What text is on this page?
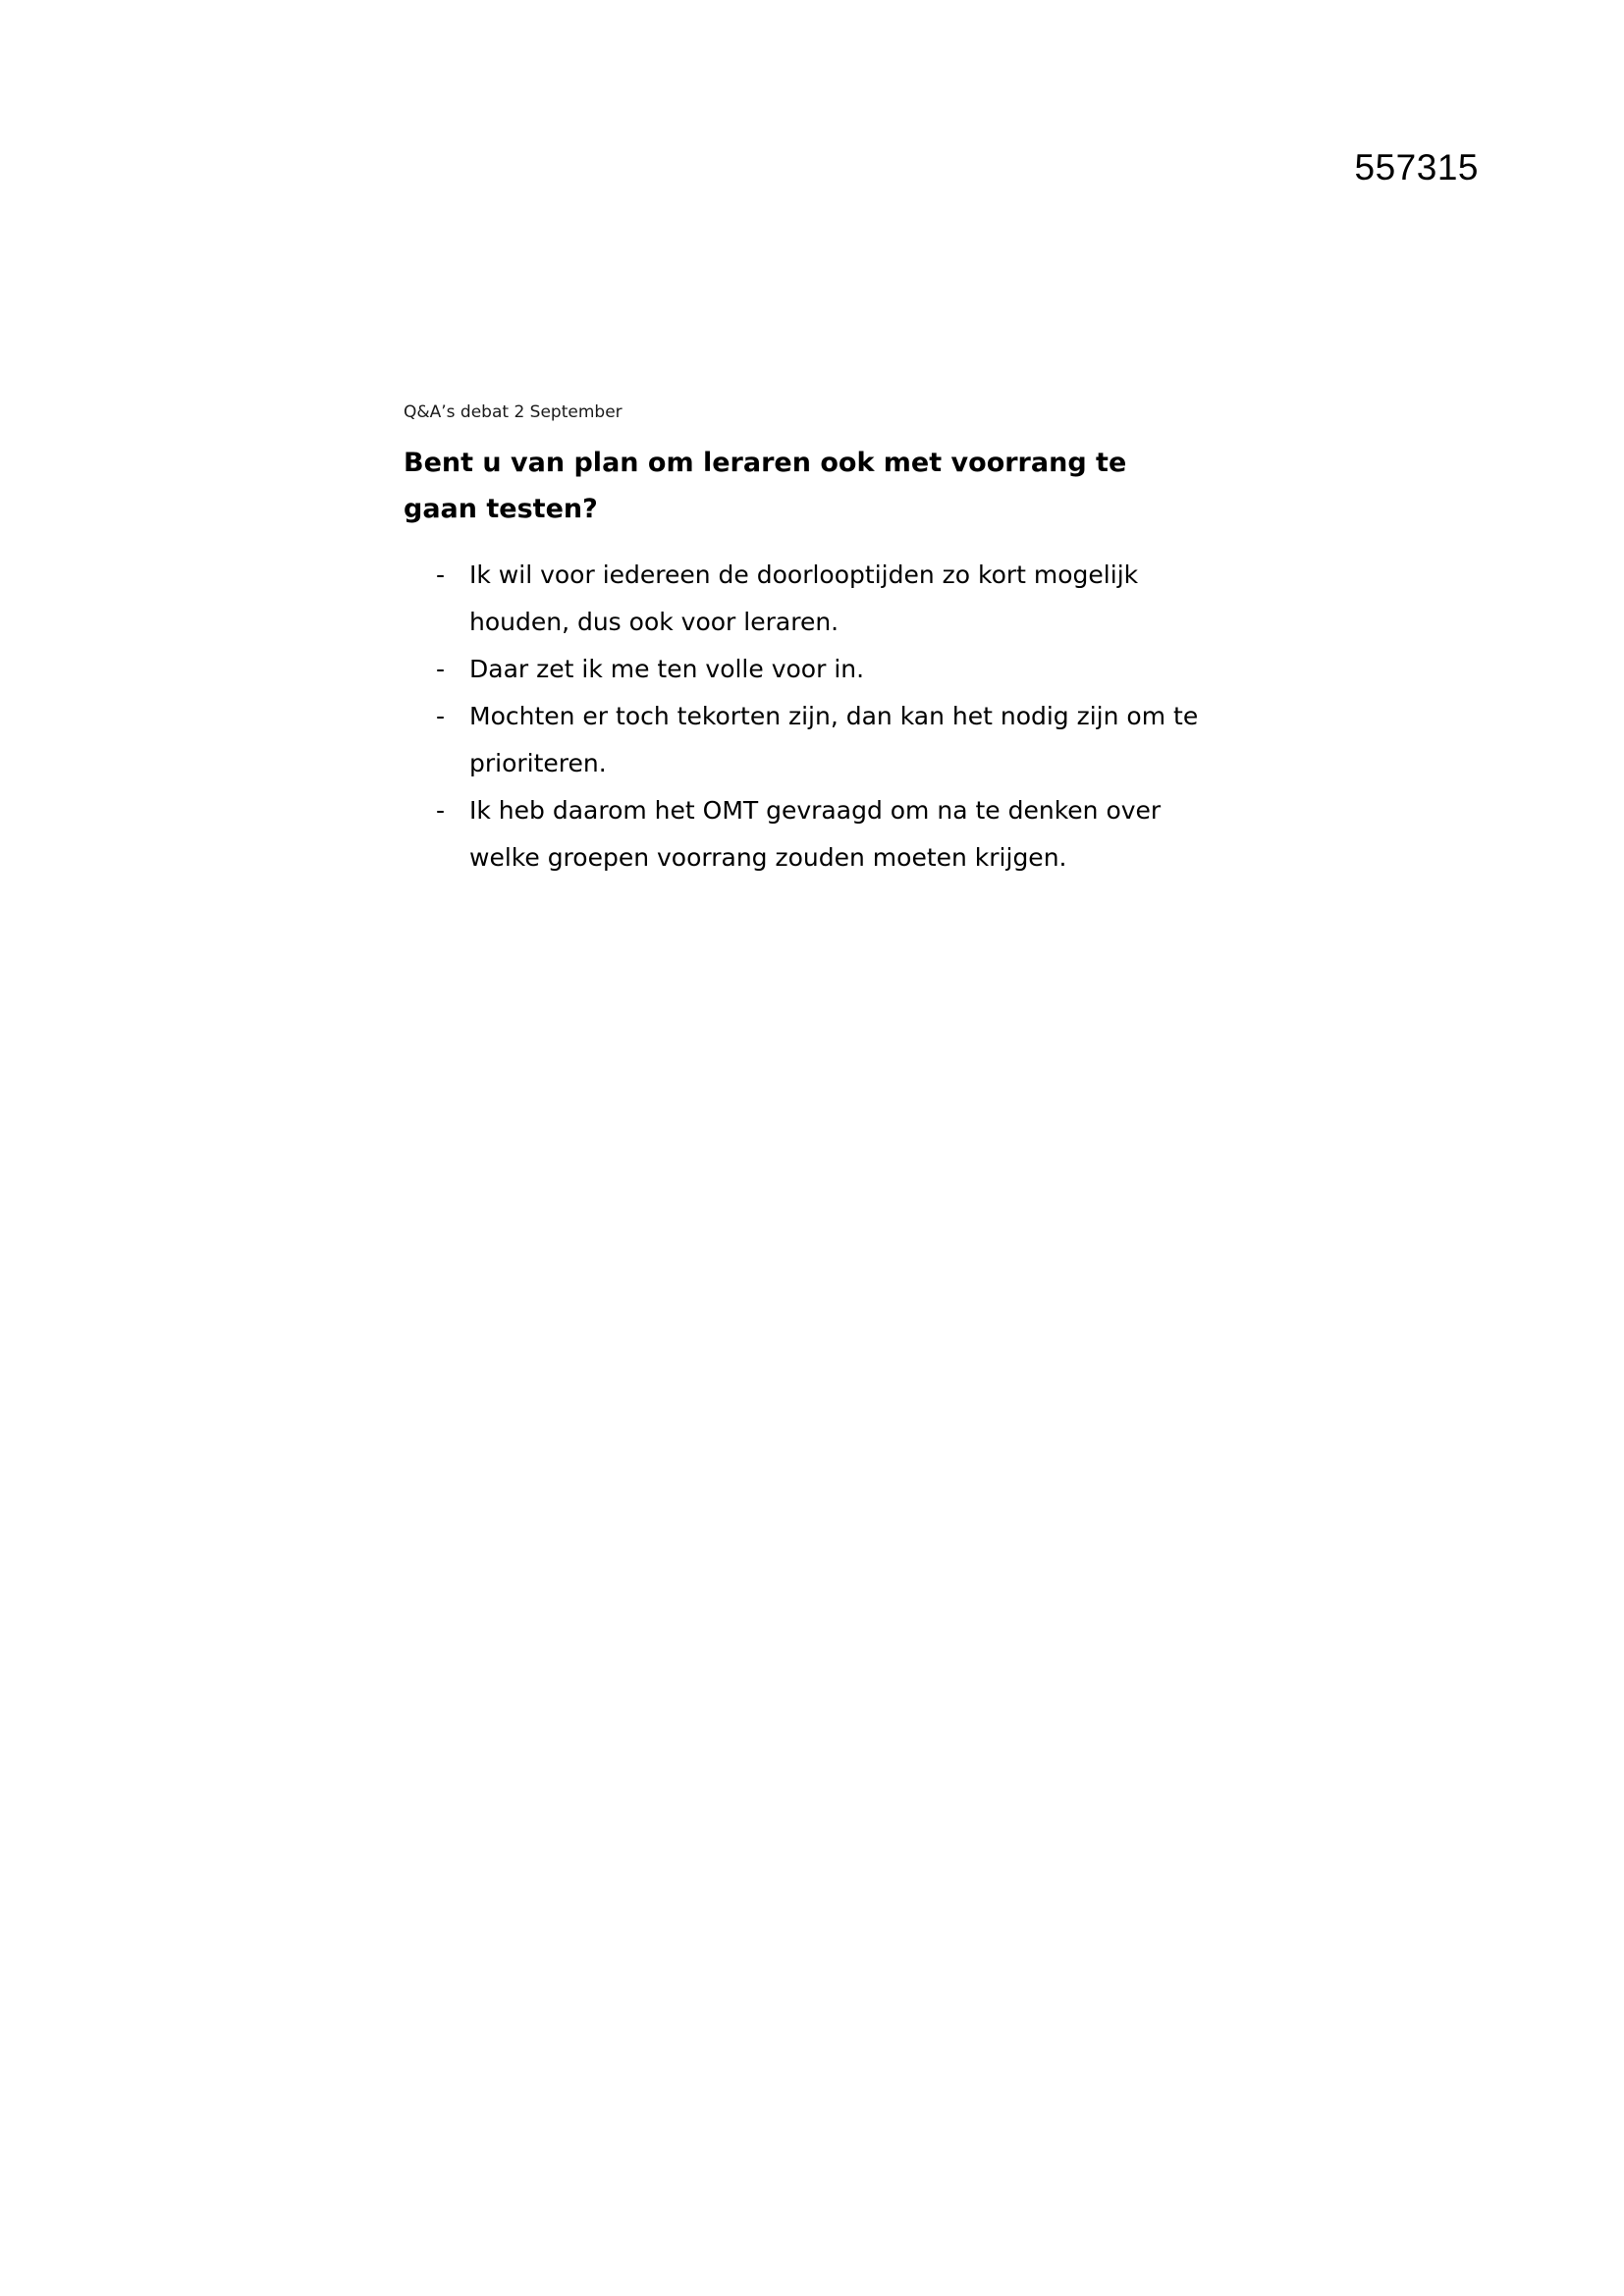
557315
Q&A’s debat 2 September
Bent u van plan om leraren ook met voorrang te gaan testen?
- Ik wil voor iedereen de doorlooptijden zo kort mogelijk houden, dus ook voor leraren.
- Daar zet ik me ten volle voor in.
- Mochten er toch tekorten zijn, dan kan het nodig zijn om te prioriteren.
- Ik heb daarom het OMT gevraagd om na te denken over welke groepen voorrang zouden moeten krijgen.
